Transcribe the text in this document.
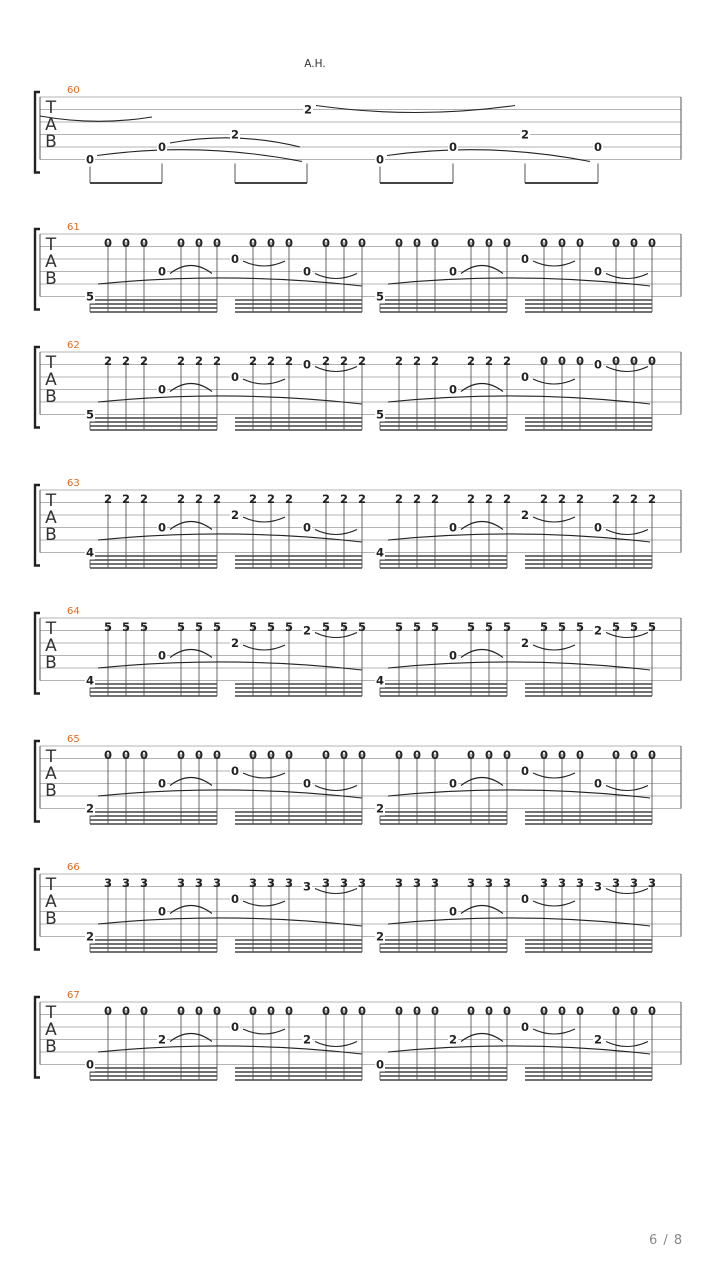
A.H.
T
A
B
60
0
0
2
2
0
0
2
0
T
A
B
61
0
0 0 0
5
0 0 0
0
0 0 0
0
0 0 0
0
0 0 0
5
0 0 0
0
0 0 0
0
0 0 0
T
A
B
62
0
2 2 2
5
2 2 2
0
2 2 2 0 2 2 2
0
2 2 2
5
2 2 2
0
0 0 0 0 0 0 0
T
A
B
63
0
2 2 2
4
2 2 2
2
2 2 2
0
2 2 2
0
2 2 2
4
2 2 2
2
2 2 2
0
2 2 2
T
A
B
64
0
5 5 5
4
5 5 5
2
5 5 5 2 5 5 5
0
5 5 5
4
5 5 5
2
5 5 5 2 5 5 5
T
A
B
65
0
0 0 0
2
0 0 0
0
0 0 0
0
0 0 0
0
0 0 0
2
0 0 0
0
0 0 0
0
0 0 0
T
A
B
66
0
3 3 3
2
3 3 3
0
3 3 3 3 3 3 3
0
3 3 3
2
3 3 3
0
3 3 3 3 3 3 3
T
A
B
67
2
0 0 0
0
0 0 0
0
0 0 0
2
0 0 0
2
0 0 0
0
0 0 0
0
0 0 0
2
0 0 0
6 / 8
